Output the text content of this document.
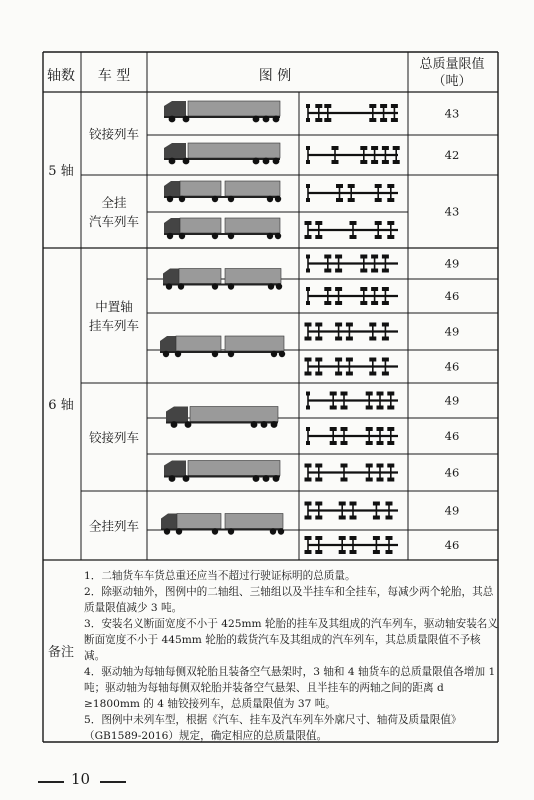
轴数 车 型	图 例
总质量限值
（吨）
5 轴
6 轴
备注
铰接列车
全挂
汽车列车
中置轴
挂车列车
铰接列车
全挂列车
43
42
43
49
46
49
46
49
46
46
49
46

1．二轴货车车货总重还应当不超过行驶证标明的总质量。

2．除驱动轴外，图例中的二轴组、三轴组以及半挂车和全挂车，每减少两个轮胎，其总质量限值减少 3 吨。

3．安装名义断面宽度不小于 425mm 轮胎的挂车及其组成的汽车列车，驱动轴安装名义断面宽度不小于 445mm 轮胎的载货汽车及其组成的汽车列车，其总质量限值不予核减。

4．驱动轴为每轴每侧双轮胎且装备空气悬架时，3 轴和 4 轴货车的总质量限值各增加 1 吨；驱动轴为每轴每侧双轮胎并装备空气悬架、且半挂车的两轴之间的距离 d ≥1800mm 的 4 轴铰接列车，总质量限值为 37 吨。

5．图例中未列车型，根据《汽车、挂车及汽车列车外廓尺寸、轴荷及质量限值》（GB1589-2016）规定，确定相应的总质量限值。

10
